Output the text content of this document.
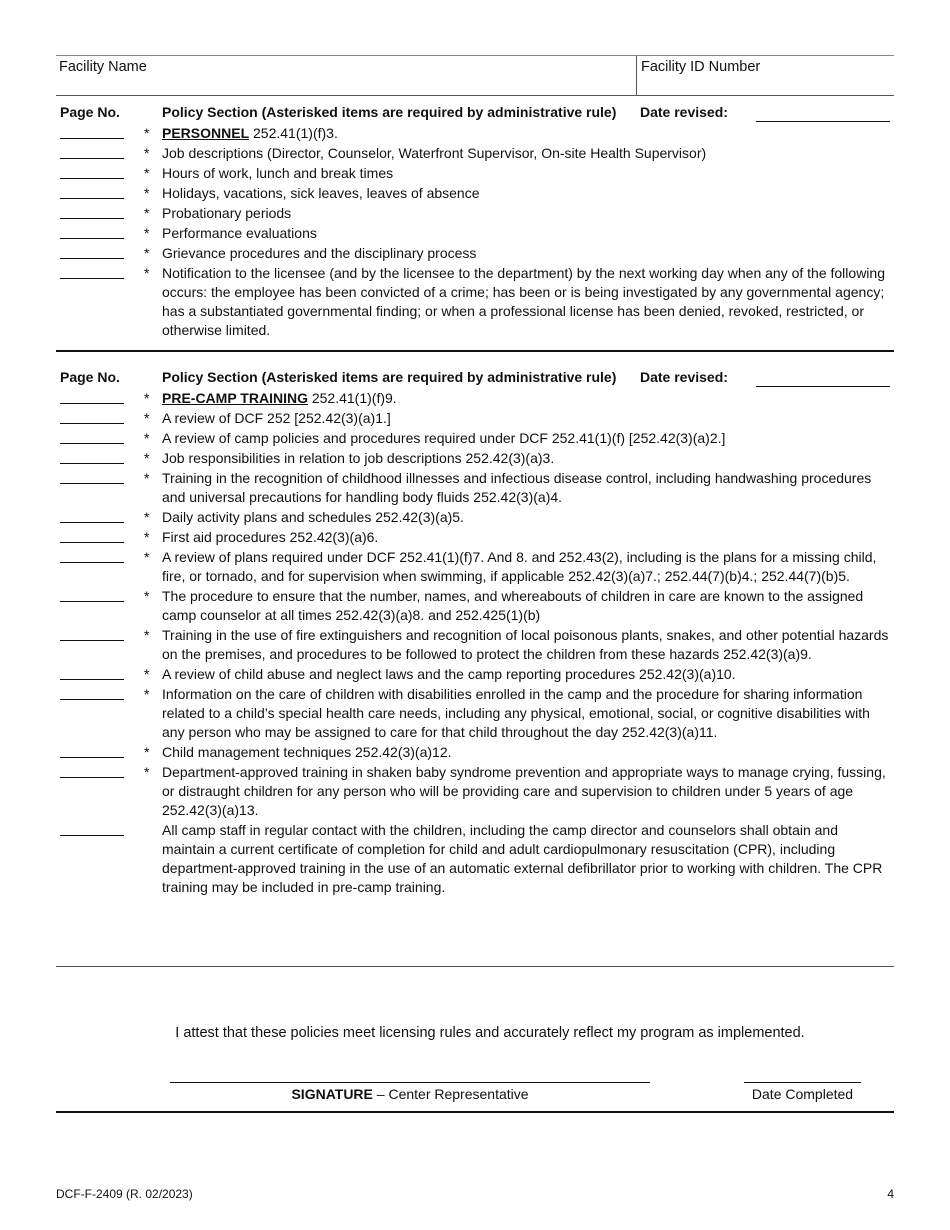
Facility Name	Facility ID Number
Page No.	Policy Section (Asterisked items are required by administrative rule) Date revised:
* PERSONNEL 252.41(1)(f)3.
* Job descriptions (Director, Counselor, Waterfront Supervisor, On-site Health Supervisor)
* Hours of work, lunch and break times
* Holidays, vacations, sick leaves, leaves of absence
* Probationary periods
* Performance evaluations
* Grievance procedures and the disciplinary process
* Notification to the licensee (and by the licensee to the department) by the next working day when any of the following occurs: the employee has been convicted of a crime; has been or is being investigated by any governmental agency; has a substantiated governmental finding; or when a professional license has been denied, revoked, restricted, or otherwise limited.
Page No.	Policy Section (Asterisked items are required by administrative rule) Date revised:
* PRE-CAMP TRAINING 252.41(1)(f)9.
* A review of DCF 252 [252.42(3)(a)1.]
* A review of camp policies and procedures required under DCF 252.41(1)(f) [252.42(3)(a)2.]
* Job responsibilities in relation to job descriptions 252.42(3)(a)3.
* Training in the recognition of childhood illnesses and infectious disease control, including handwashing procedures and universal precautions for handling body fluids 252.42(3)(a)4.
* Daily activity plans and schedules 252.42(3)(a)5.
* First aid procedures 252.42(3)(a)6.
* A review of plans required under DCF 252.41(1)(f)7. And 8. and 252.43(2), including is the plans for a missing child, fire, or tornado, and for supervision when swimming, if applicable 252.42(3)(a)7.; 252.44(7)(b)4.; 252.44(7)(b)5.
* The procedure to ensure that the number, names, and whereabouts of children in care are known to the assigned camp counselor at all times 252.42(3)(a)8. and 252.425(1)(b)
* Training in the use of fire extinguishers and recognition of local poisonous plants, snakes, and other potential hazards on the premises, and procedures to be followed to protect the children from these hazards 252.42(3)(a)9.
* A review of child abuse and neglect laws and the camp reporting procedures 252.42(3)(a)10.
* Information on the care of children with disabilities enrolled in the camp and the procedure for sharing information related to a child’s special health care needs, including any physical, emotional, social, or cognitive disabilities with any person who may be assigned to care for that child throughout the day 252.42(3)(a)11.
* Child management techniques 252.42(3)(a)12.
* Department-approved training in shaken baby syndrome prevention and appropriate ways to manage crying, fussing, or distraught children for any person who will be providing care and supervision to children under 5 years of age 252.42(3)(a)13.
All camp staff in regular contact with the children, including the camp director and counselors shall obtain and maintain a current certificate of completion for child and adult cardiopulmonary resuscitation (CPR), including department-approved training in the use of an automatic external defibrillator prior to working with children. The CPR training may be included in pre-camp training.
I attest that these policies meet licensing rules and accurately reflect my program as implemented.
SIGNATURE – Center Representative	Date Completed
DCF-F-2409 (R. 02/2023)	4
